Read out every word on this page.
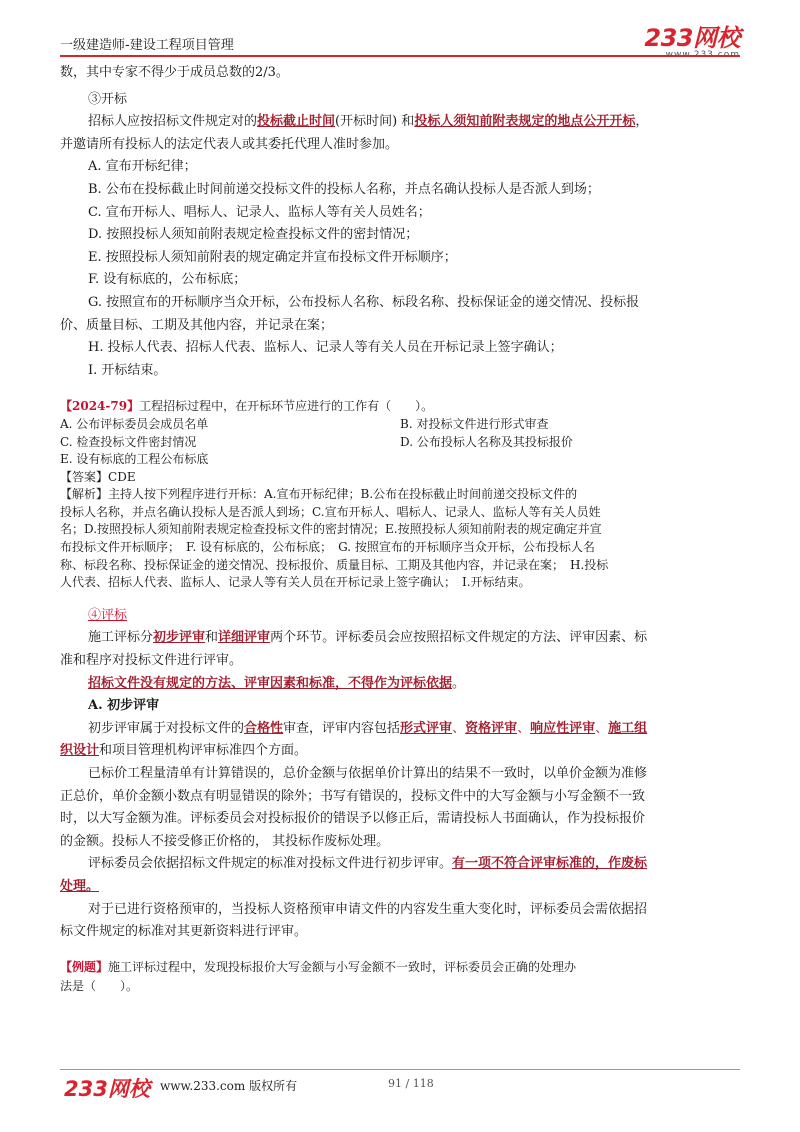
一级建造师-建设工程项目管理	233网校
www.233.com

数，其中专家不得少于成员总数的2/3。

③开标

招标人应按招标文件规定对的投标截止时间(开标时间) 和投标人须知前附表规定的地点公开开标，
并邀请所有投标人的法定代表人或其委托代理人准时参加。

A. 宣布开标纪律；

B. 公布在投标截止时间前递交投标文件的投标人名称，并点名确认投标人是否派人到场；

C. 宣布开标人、唱标人、记录人、监标人等有关人员姓名；

D. 按照投标人须知前附表规定检查投标文件的密封情况；

E. 按照投标人须知前附表的规定确定并宣布投标文件开标顺序；

F. 设有标底的，公布标底；

G. 按照宣布的开标顺序当众开标，公布投标人名称、标段名称、投标保证金的递交情况、投标报

价、质量目标、工期及其他内容，并记录在案；

H. 投标人代表、招标人代表、监标人、记录人等有关人员在开标记录上签字确认；

I. 开标结束。

【2024-79】工程招标过程中，在开标环节应进行的工作有（　　）。

A. 公布评标委员会成员名单	B. 对投标文件进行形式审查
C. 检查投标文件密封情况	D. 公布投标人名称及其投标报价

E. 设有标底的工程公布标底

【答案】CDE

【解析】主持人按下列程序进行开标：A.宣布开标纪律；B.公布在投标截止时间前递交投标文件的

投标人名称，并点名确认投标人是否派人到场；C.宣布开标人、唱标人、记录人、监标人等有关人员姓

名；D.按照投标人须知前附表规定检查投标文件的密封情况；E.按照投标人须知前附表的规定确定并宣

布投标文件开标顺序；　F. 设有标底的，公布标底；　G. 按照宣布的开标顺序当众开标，公布投标人名

称、标段名称、投标保证金的递交情况、投标报价、质量目标、工期及其他内容，并记录在案；　H.投标

人代表、招标人代表、监标人、记录人等有关人员在开标记录上签字确认；　I.开标结束。

④评标

施工评标分初步评审和详细评审两个环节。评标委员会应按照招标文件规定的方法、评审因素、标
准和程序对投标文件进行评审。

招标文件没有规定的方法、评审因素和标准，不得作为评标依据。

A. 初步评审

初步评审属于对投标文件的合格性审查，评审内容包括形式评审、资格评审、响应性评审、施工组
织设计和项目管理机构评审标准四个方面。

已标价工程量清单有计算错误的，总价金额与依据单价计算出的结果不一致时，以单价金额为准修
正总价，单价金额小数点有明显错误的除外；书写有错误的，投标文件中的大写金额与小写金额不一致
时，以大写金额为准。评标委员会对投标报价的错误予以修正后，需请投标人书面确认，作为投标报价
的金额。投标人不接受修正价格的， 其投标作废标处理。

评标委员会依据招标文件规定的标准对投标文件进行初步评审。有一项不符合评审标准的，作废标
处理。

对于已进行资格预审的，当投标人资格预审申请文件的内容发生重大变化时，评标委员会需依据招
标文件规定的标准对其更新资料进行评审。

【例题】施工评标过程中，发现投标报价大写金额与小写金额不一致时，评标委员会正确的处理办

法是（　　）。

233网校 www.233.com 版权所有	91 / 118
